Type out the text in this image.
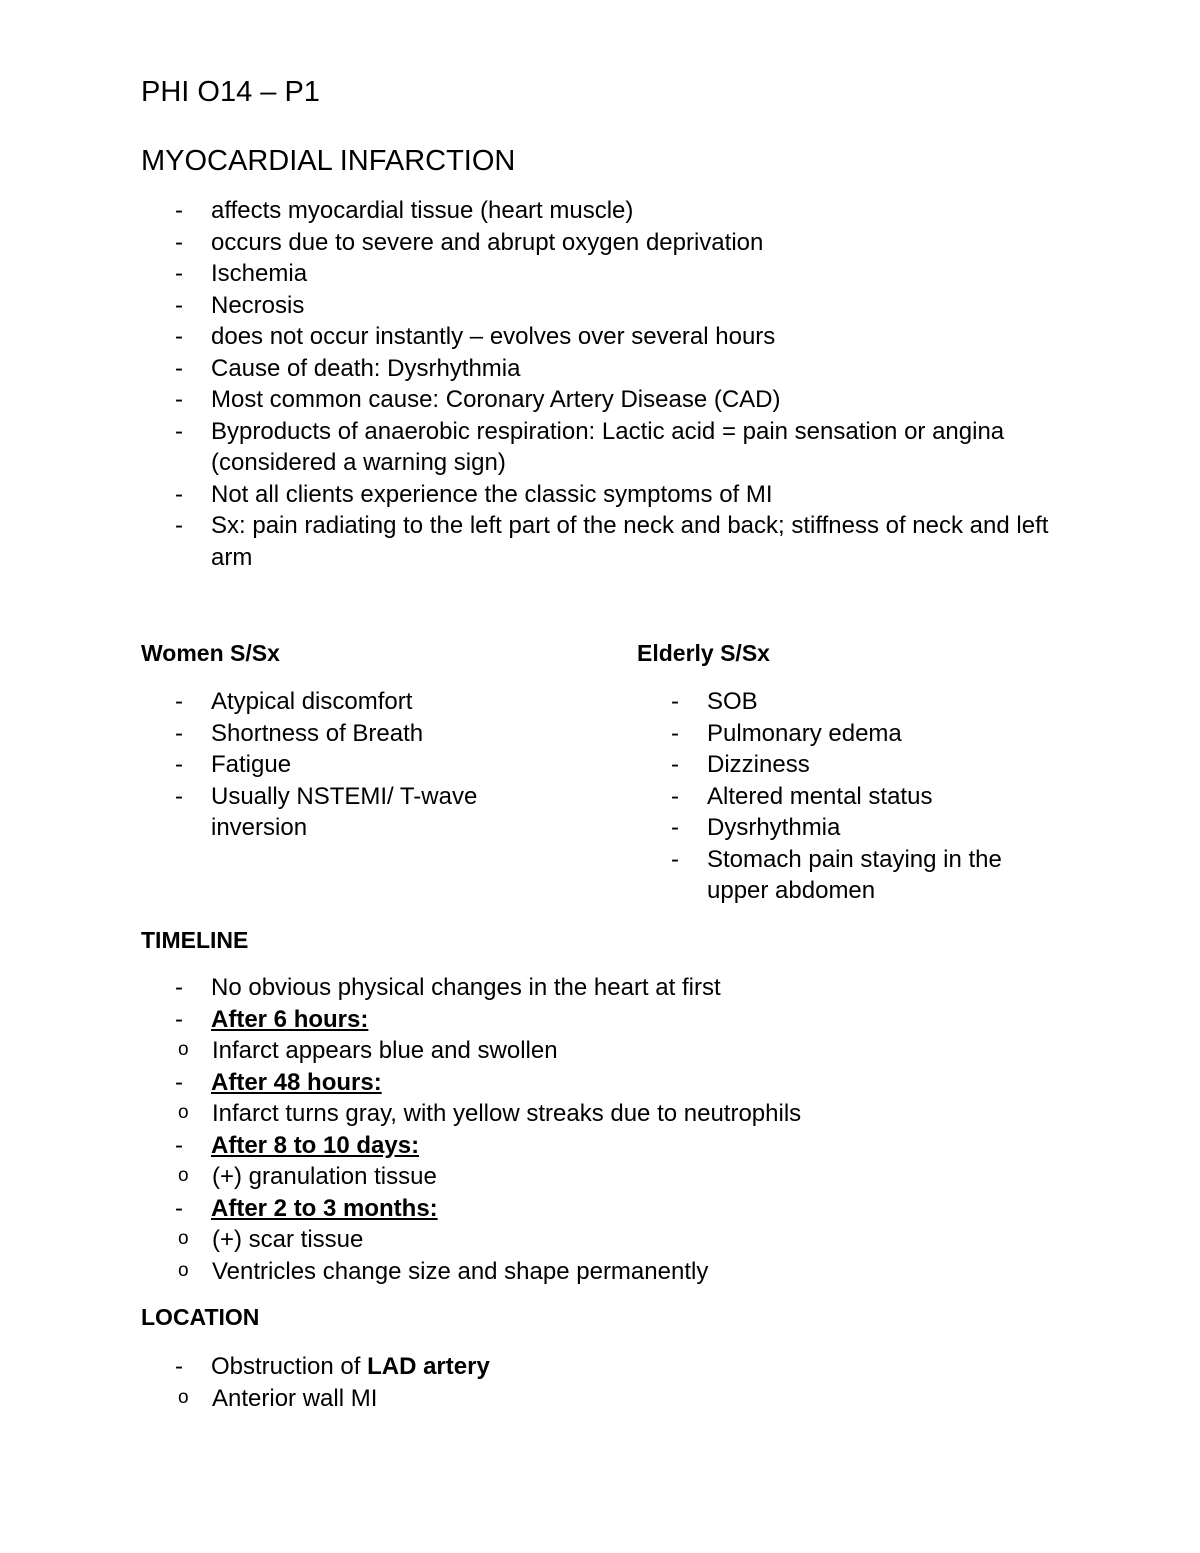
PHI O14 – P1
MYOCARDIAL INFARCTION
- affects myocardial tissue (heart muscle)
- occurs due to severe and abrupt oxygen deprivation
- Ischemia
- Necrosis
- does not occur instantly – evolves over several hours
- Cause of death: Dysrhythmia
- Most common cause: Coronary Artery Disease (CAD)
- Byproducts of anaerobic respiration: Lactic acid = pain sensation or angina (considered a warning sign)
- Not all clients experience the classic symptoms of MI
- Sx: pain radiating to the left part of the neck and back; stiffness of neck and left arm
Women S/Sx
- Atypical discomfort
- Shortness of Breath
- Fatigue
- Usually NSTEMI/ T-wave inversion
Elderly S/Sx
- SOB
- Pulmonary edema
- Dizziness
- Altered mental status
- Dysrhythmia
- Stomach pain staying in the upper abdomen
TIMELINE
- No obvious physical changes in the heart at first
- After 6 hours:
o Infarct appears blue and swollen
- After 48 hours:
o Infarct turns gray, with yellow streaks due to neutrophils
- After 8 to 10 days:
o (+) granulation tissue
- After 2 to 3 months:
o (+) scar tissue
o Ventricles change size and shape permanently
LOCATION
- Obstruction of LAD artery
o Anterior wall MI
